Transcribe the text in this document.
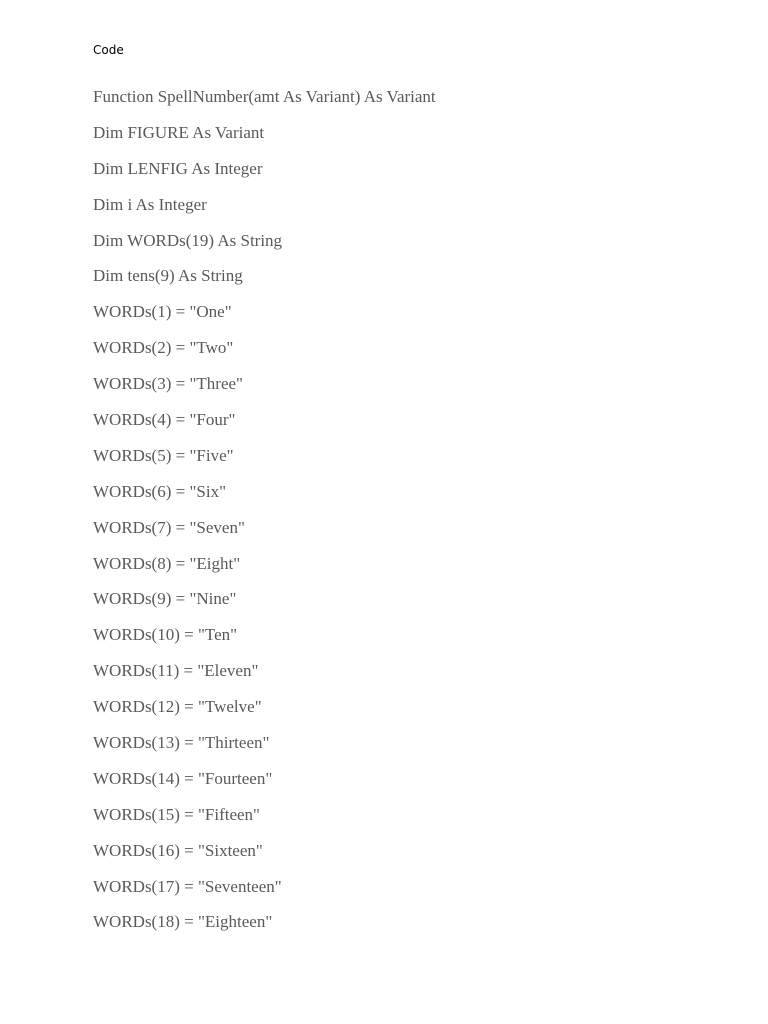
Code

Function SpellNumber(amt As Variant) As Variant
Dim FIGURE As Variant
Dim LENFIG As Integer
Dim i As Integer
Dim WORDs(19) As String
Dim tens(9) As String
WORDs(1) = "One"
WORDs(2) = "Two"
WORDs(3) = "Three"
WORDs(4) = "Four"
WORDs(5) = "Five"
WORDs(6) = "Six"
WORDs(7) = "Seven"
WORDs(8) = "Eight"
WORDs(9) = "Nine"
WORDs(10) = "Ten"
WORDs(11) = "Eleven"
WORDs(12) = "Twelve"
WORDs(13) = "Thirteen"
WORDs(14) = "Fourteen"
WORDs(15) = "Fifteen"
WORDs(16) = "Sixteen"
WORDs(17) = "Seventeen"
WORDs(18) = "Eighteen"
